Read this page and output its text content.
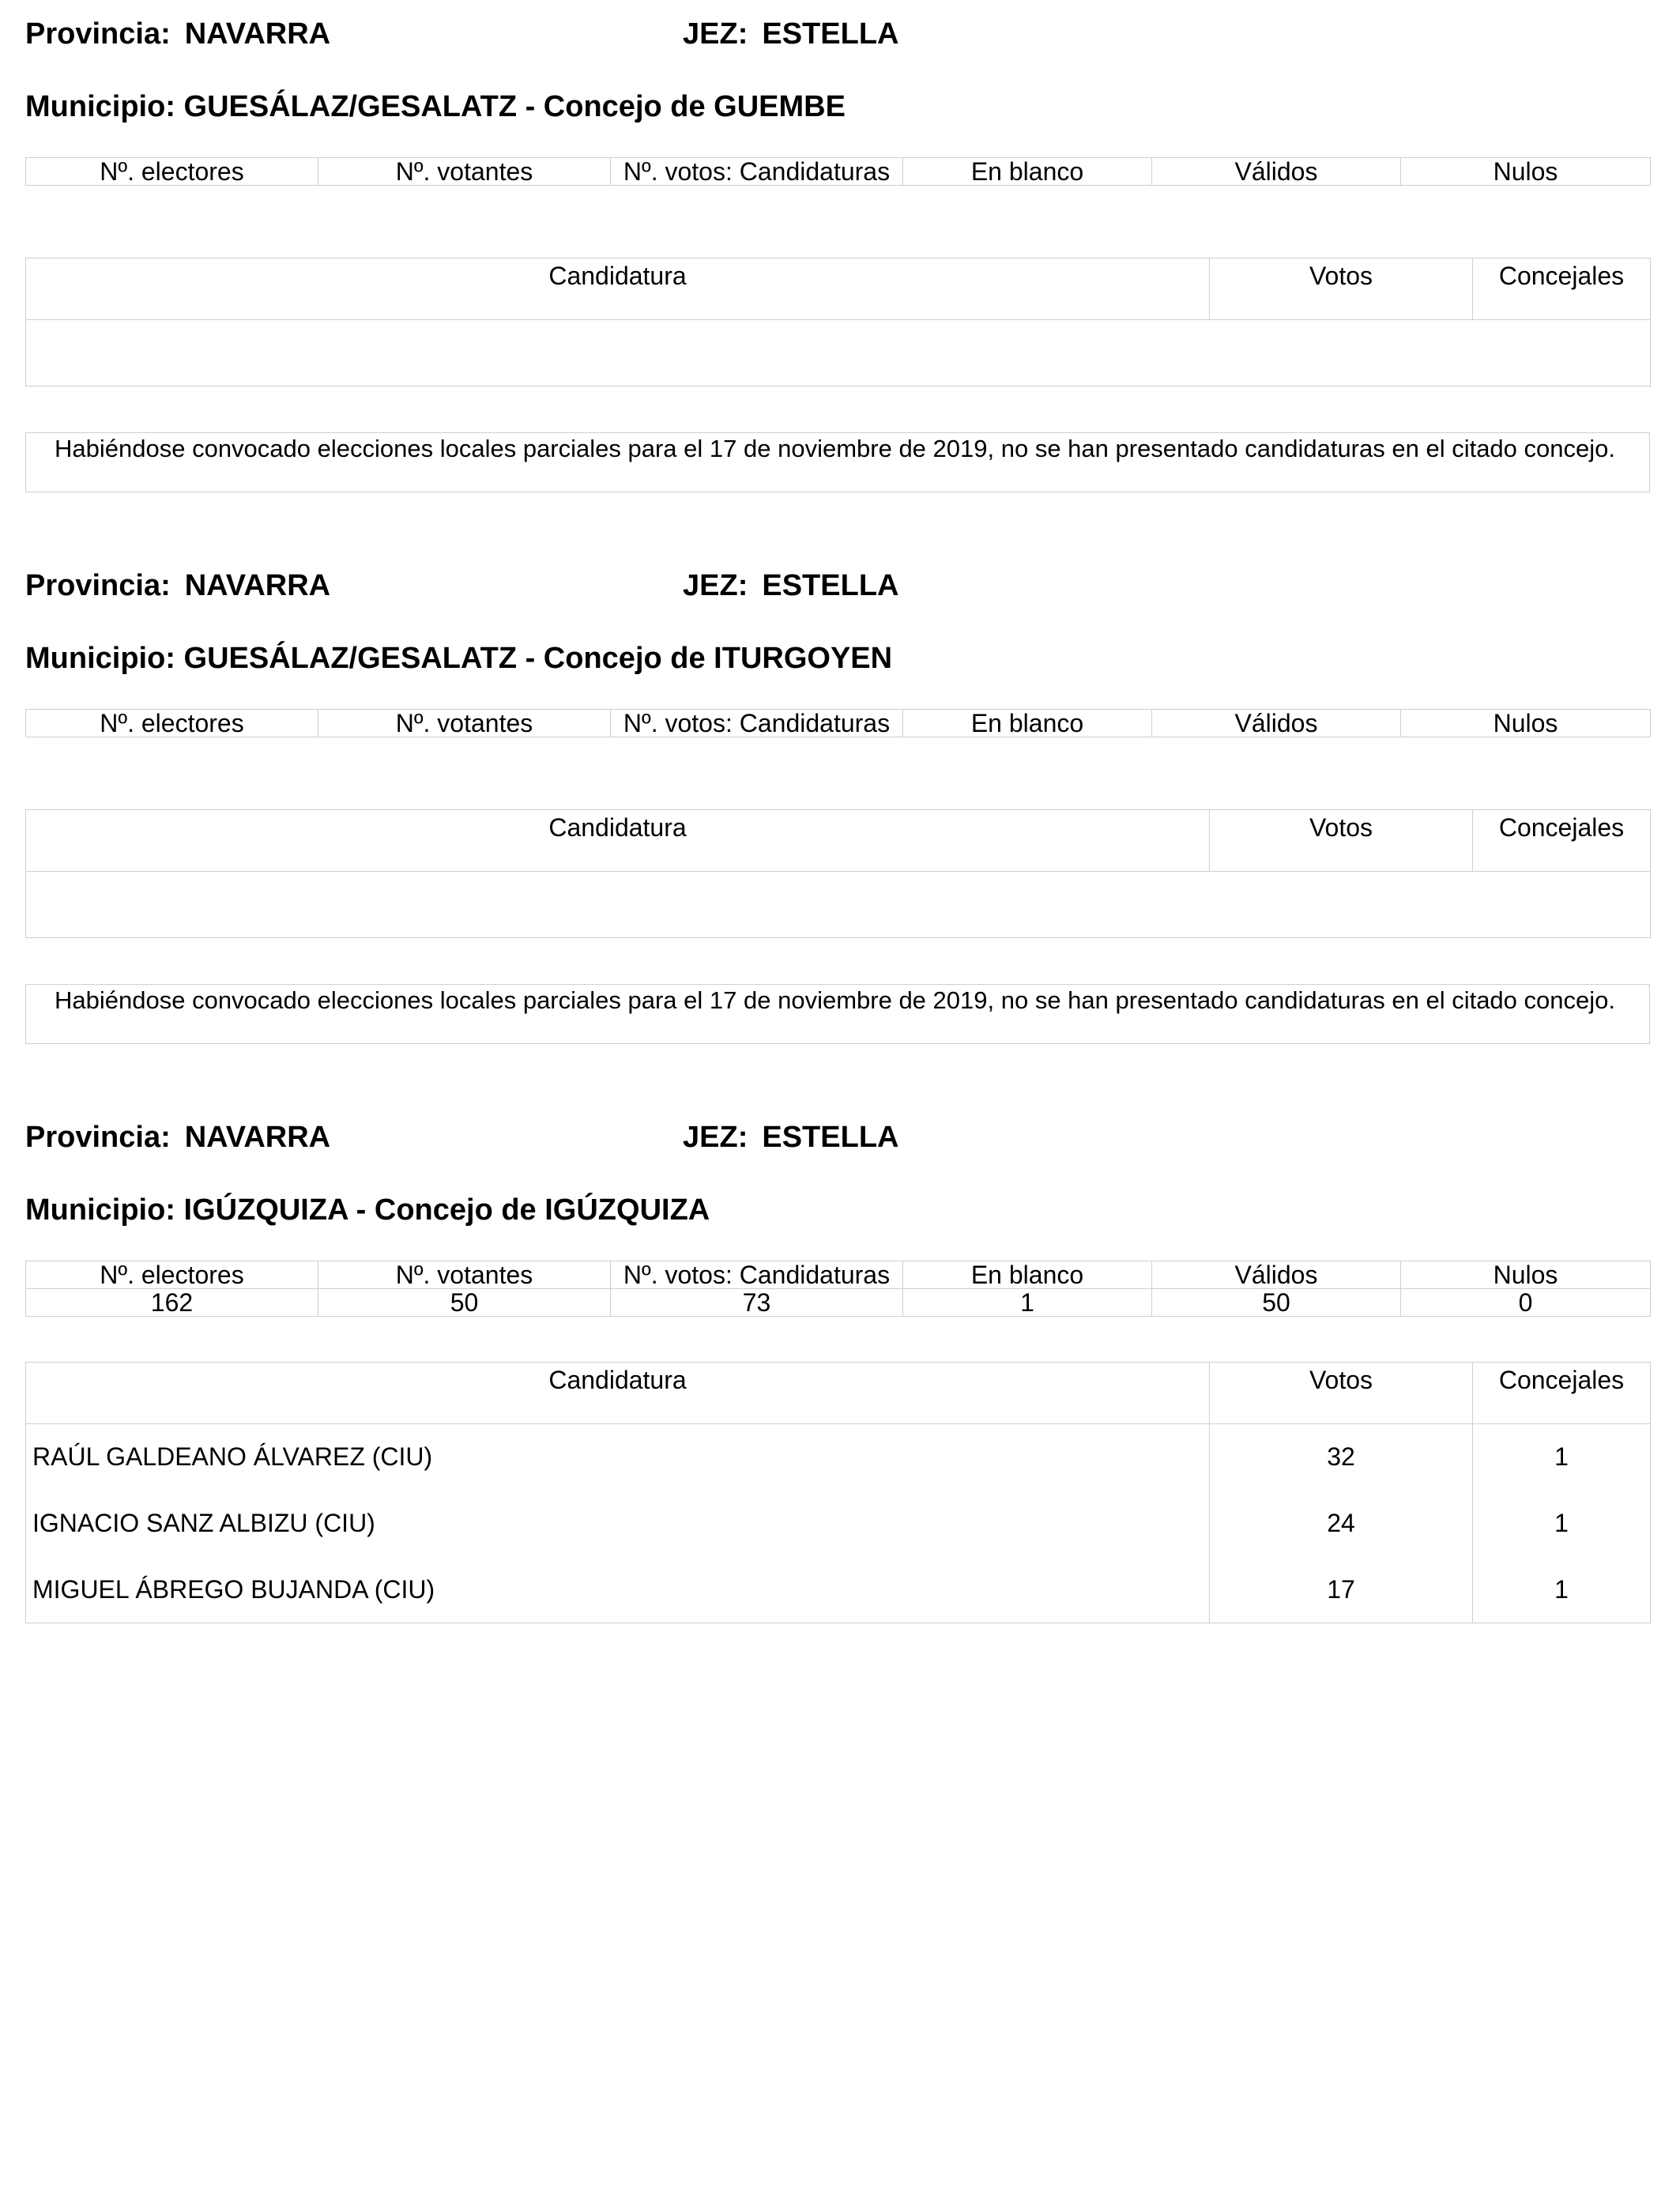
Provincia: NAVARRA	JEZ: ESTELLA
Municipio: GUESÁLAZ/GESALATZ - Concejo de GUEMBE
Nº. electores	Nº. votantes	Nº. votos: Candidaturas	En blanco	Válidos	Nulos
Candidatura	Votos	Concejales

Habiéndose convocado elecciones locales parciales para el 17 de noviembre de 2019, no se han presentado candidaturas en el citado concejo.
Provincia: NAVARRA	JEZ: ESTELLA
Municipio: GUESÁLAZ/GESALATZ - Concejo de ITURGOYEN
Nº. electores	Nº. votantes	Nº. votos: Candidaturas	En blanco	Válidos	Nulos
Candidatura	Votos	Concejales

Habiéndose convocado elecciones locales parciales para el 17 de noviembre de 2019, no se han presentado candidaturas en el citado concejo.
Provincia: NAVARRA	JEZ: ESTELLA
Municipio: IGÚZQUIZA - Concejo de IGÚZQUIZA
Nº. electores	Nº. votantes	Nº. votos: Candidaturas	En blanco	Válidos	Nulos
162	50	73	1	50	0
Candidatura	Votos	Concejales
RAÚL GALDEANO ÁLVAREZ (CIU)	32	1
IGNACIO SANZ ALBIZU (CIU)	24	1
MIGUEL ÁBREGO BUJANDA (CIU)	17	1
